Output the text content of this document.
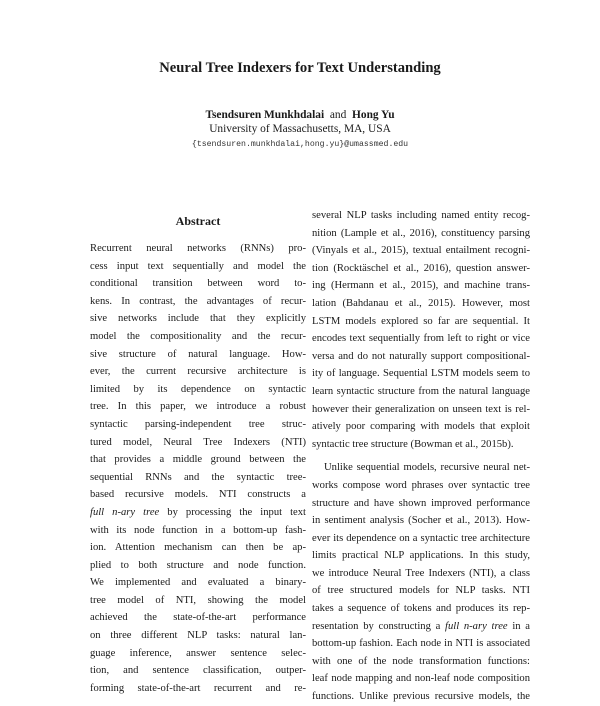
Neural Tree Indexers for Text Understanding
Tsendsuren Munkhdalai and Hong Yu
University of Massachusetts, MA, USA
{tsendsuren.munkhdalai,hong.yu}@umassmed.edu
Abstract
Recurrent neural networks (RNNs) pro-
cess input text sequentially and model the
conditional transition between word to-
kens. In contrast, the advantages of recur-
sive networks include that they explicitly
model the compositionality and the recur-
sive structure of natural language. How-
ever, the current recursive architecture is
limited by its dependence on syntactic
tree. In this paper, we introduce a robust
syntactic parsing-independent tree struc-
tured model, Neural Tree Indexers (NTI)
that provides a middle ground between the
sequential RNNs and the syntactic tree-
based recursive models. NTI constructs a
full n-ary tree by processing the input text
with its node function in a bottom-up fash-
ion. Attention mechanism can then be ap-
plied to both structure and node function.
We implemented and evaluated a binary-
tree model of NTI, showing the model
achieved the state-of-the-art performance
on three different NLP tasks: natural lan-
guage inference, answer sentence selec-
tion, and sentence classification, outper-
forming state-of-the-art recurrent and re-
several NLP tasks including named entity recog-
nition (Lample et al., 2016), constituency parsing
(Vinyals et al., 2015), textual entailment recogni-
tion (Rocktäschel et al., 2016), question answer-
ing (Hermann et al., 2015), and machine trans-
lation (Bahdanau et al., 2015). However, most
LSTM models explored so far are sequential. It
encodes text sequentially from left to right or vice
versa and do not naturally support compositional-
ity of language. Sequential LSTM models seem to
learn syntactic structure from the natural language
however their generalization on unseen text is rel-
atively poor comparing with models that exploit
syntactic tree structure (Bowman et al., 2015b).
Unlike sequential models, recursive neural net-
works compose word phrases over syntactic tree
structure and have shown improved performance
in sentiment analysis (Socher et al., 2013). How-
ever its dependence on a syntactic tree architecture
limits practical NLP applications. In this study,
we introduce Neural Tree Indexers (NTI), a class
of tree structured models for NLP tasks. NTI
takes a sequence of tokens and produces its rep-
resentation by constructing a full n-ary tree in a
bottom-up fashion. Each node in NTI is associated
with one of the node transformation functions:
leaf node mapping and non-leaf node composition
functions. Unlike previous recursive models, the
